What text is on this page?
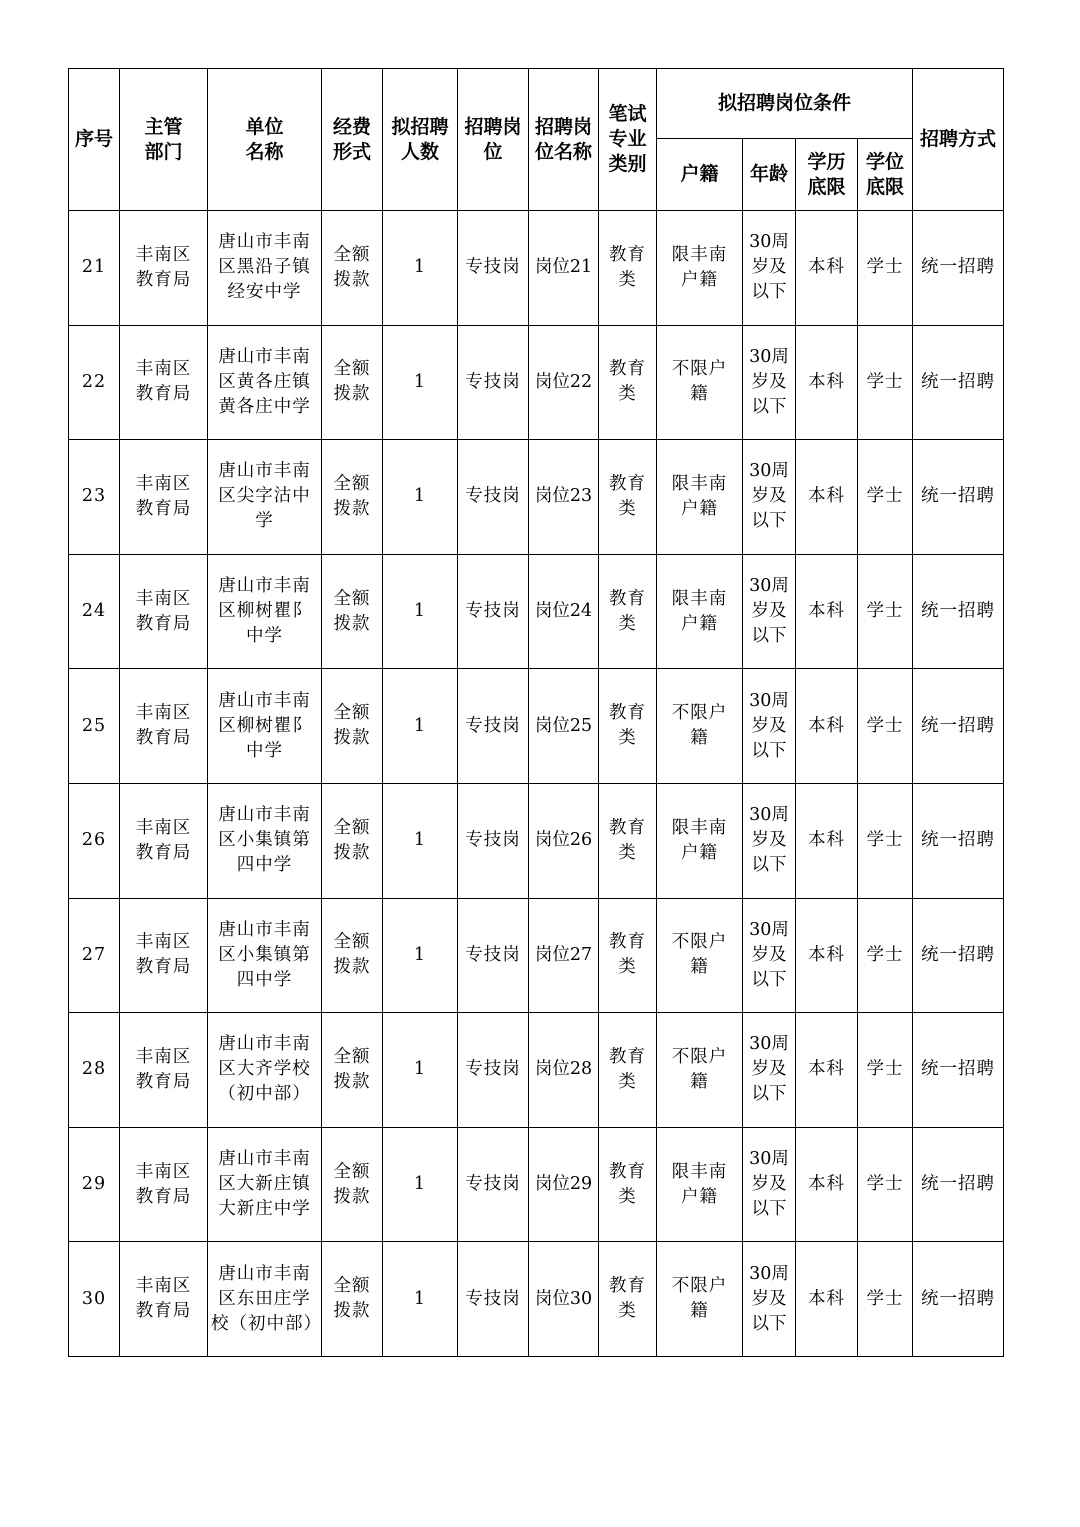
序号	主管部门	单位名称	经费形式	拟招聘人数	招聘岗位	招聘岗位名称	笔试专业类别	拟招聘岗位条件				招聘方式
								户籍	年龄	学历底限	学位底限	
21	丰南区教育局	唐山市丰南区黑沿子镇经安中学	全额拨款	1	专技岗	岗位21	教育类	限丰南户籍	30周岁及以下	本科	学士	统一招聘
22	丰南区教育局	唐山市丰南区黄各庄镇黄各庄中学	全额拨款	1	专技岗	岗位22	教育类	不限户籍	30周岁及以下	本科	学士	统一招聘
23	丰南区教育局	唐山市丰南区尖字沽中学	全额拨款	1	专技岗	岗位23	教育类	限丰南户籍	30周岁及以下	本科	学士	统一招聘
24	丰南区教育局	唐山市丰南区柳树瞿阝中学	全额拨款	1	专技岗	岗位24	教育类	限丰南户籍	30周岁及以下	本科	学士	统一招聘
25	丰南区教育局	唐山市丰南区柳树瞿阝中学	全额拨款	1	专技岗	岗位25	教育类	不限户籍	30周岁及以下	本科	学士	统一招聘
26	丰南区教育局	唐山市丰南区小集镇第四中学	全额拨款	1	专技岗	岗位26	教育类	限丰南户籍	30周岁及以下	本科	学士	统一招聘
27	丰南区教育局	唐山市丰南区小集镇第四中学	全额拨款	1	专技岗	岗位27	教育类	不限户籍	30周岁及以下	本科	学士	统一招聘
28	丰南区教育局	唐山市丰南区大齐学校（初中部）	全额拨款	1	专技岗	岗位28	教育类	不限户籍	30周岁及以下	本科	学士	统一招聘
29	丰南区教育局	唐山市丰南区大新庄镇大新庄中学	全额拨款	1	专技岗	岗位29	教育类	限丰南户籍	30周岁及以下	本科	学士	统一招聘
30	丰南区教育局	唐山市丰南区东田庄学校（初中部）	全额拨款	1	专技岗	岗位30	教育类	不限户籍	30周岁及以下	本科	学士	统一招聘
